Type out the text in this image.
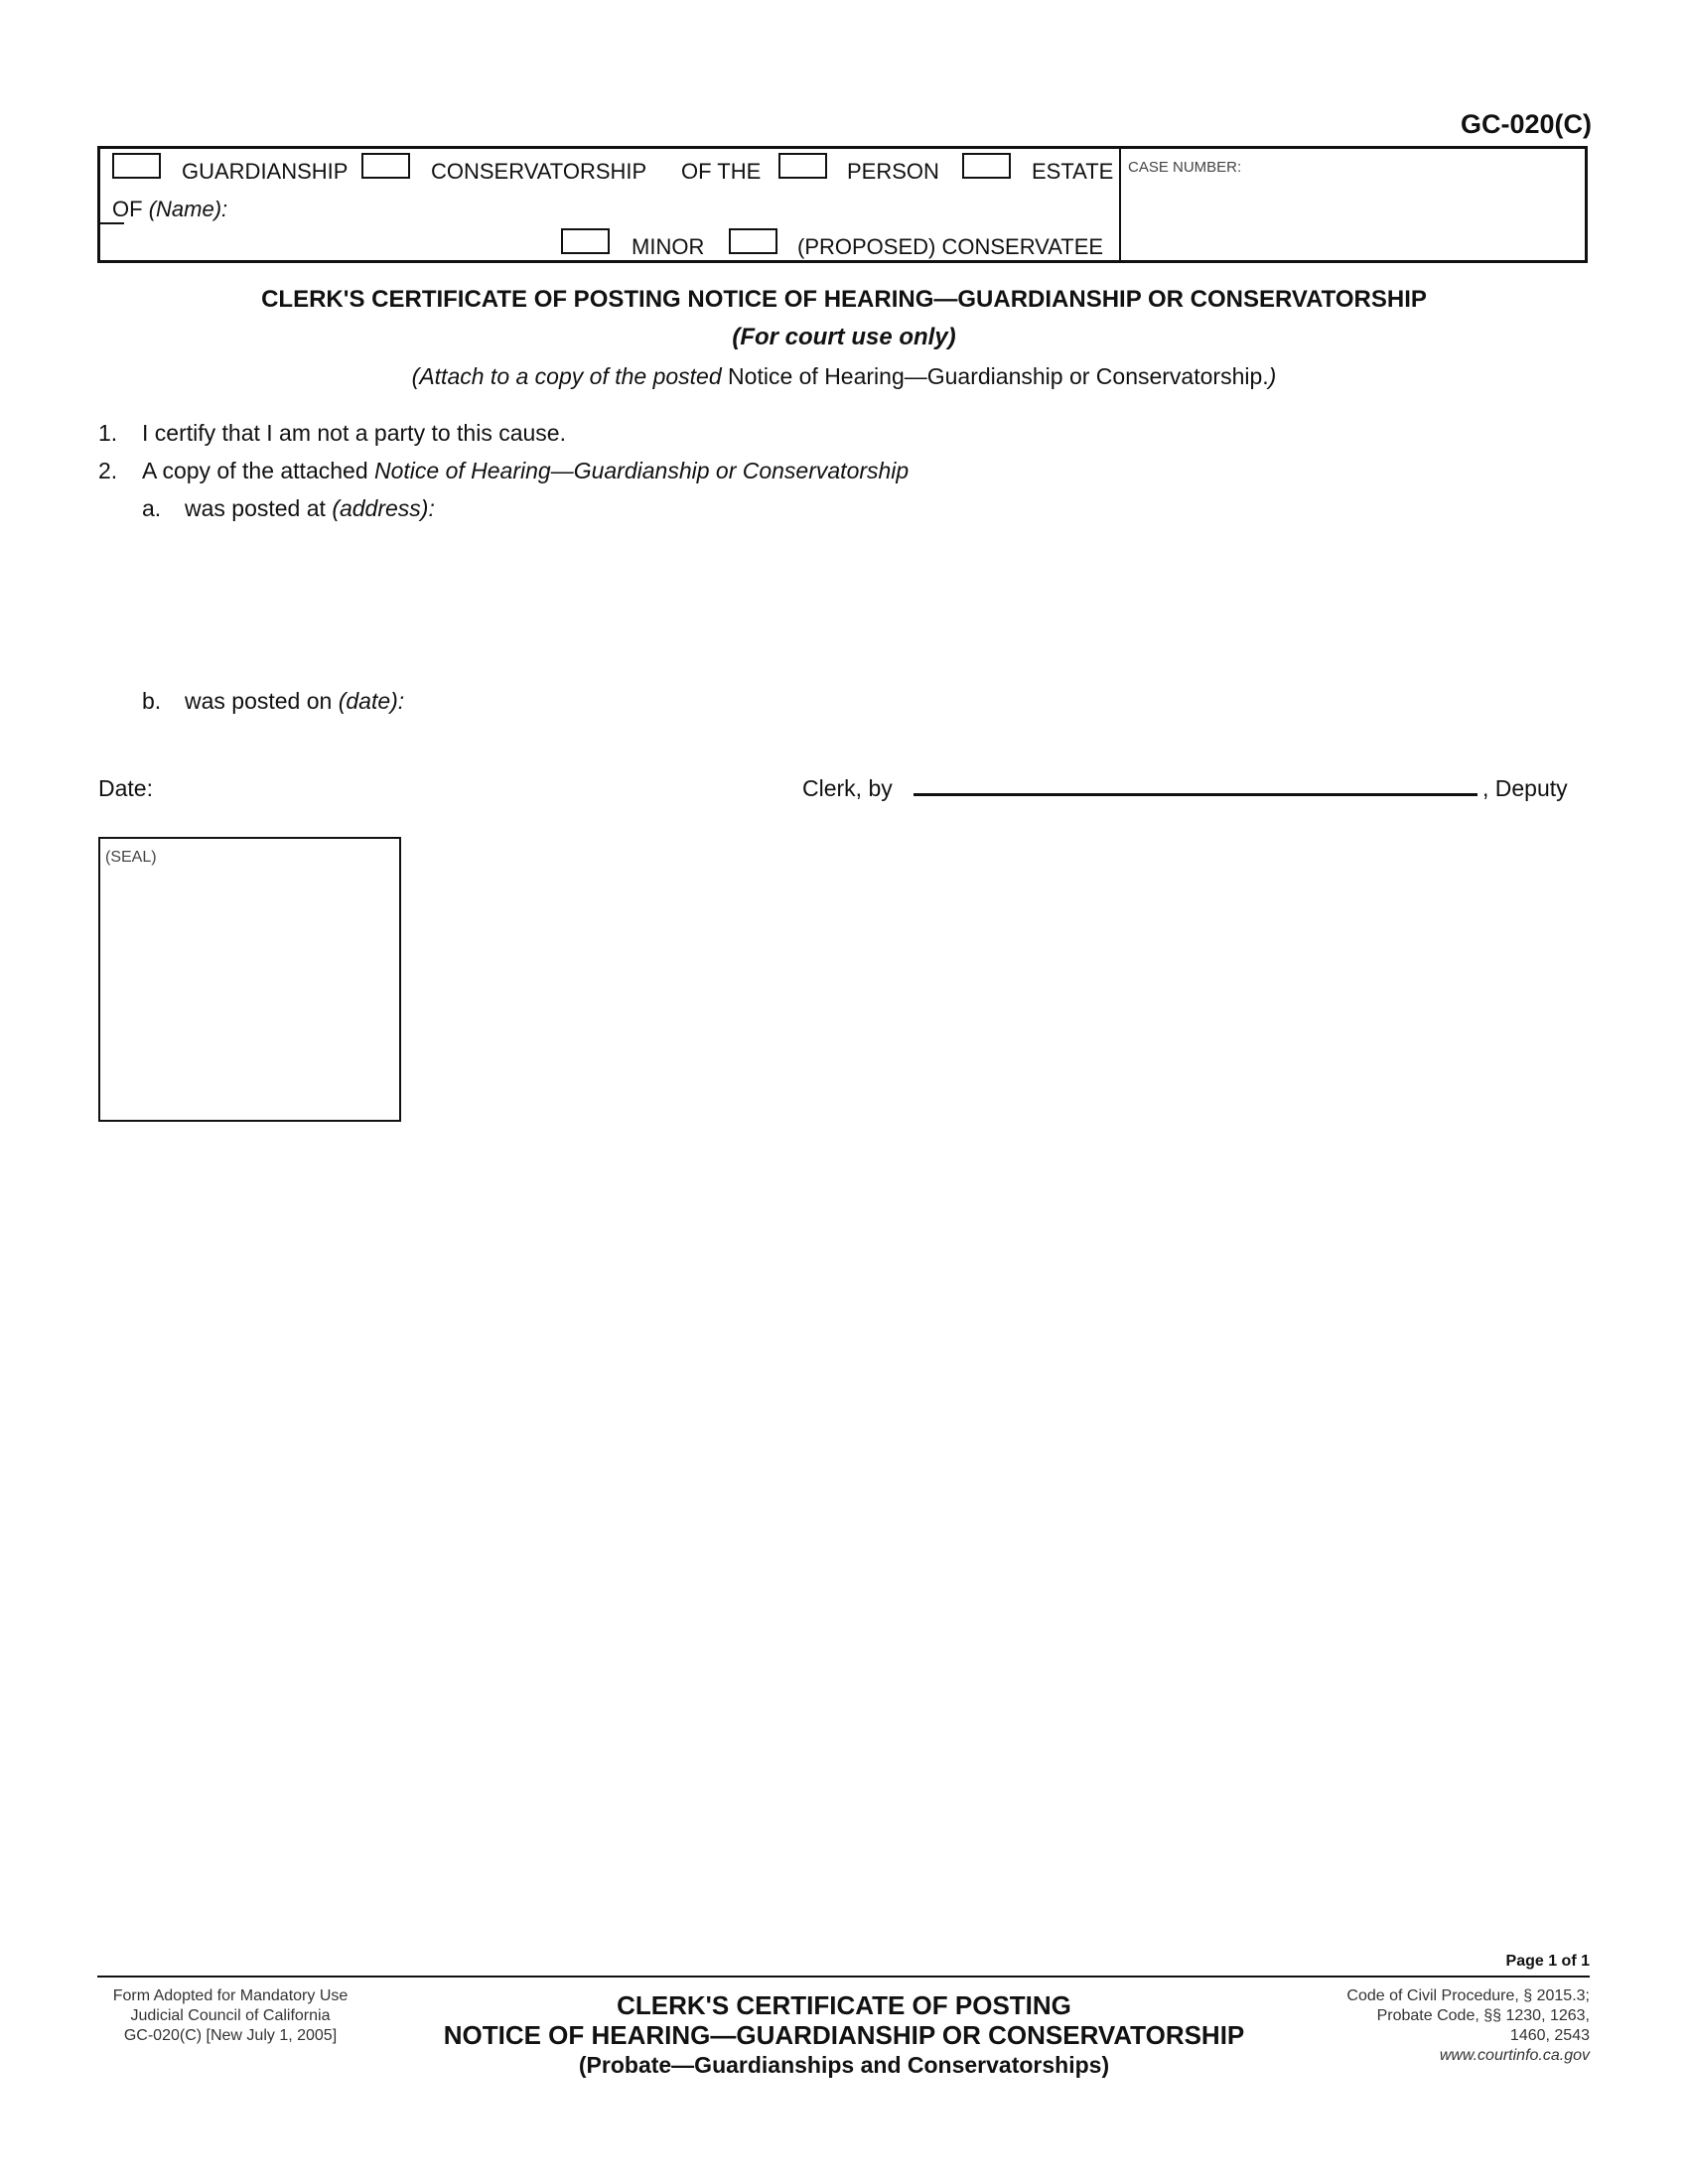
GC-020(C)
GUARDIANSHIP	CONSERVATORSHIP OF THE	PERSON	ESTATE
OF (Name):
MINOR	(PROPOSED) CONSERVATEE
CASE NUMBER:
CLERK'S CERTIFICATE OF POSTING NOTICE OF HEARING—GUARDIANSHIP OR CONSERVATORSHIP
(For court use only)
(Attach to a copy of the posted Notice of Hearing—Guardianship or Conservatorship.)
1. I certify that I am not a party to this cause.
2. A copy of the attached Notice of Hearing—Guardianship or Conservatorship
a. was posted at (address):
b. was posted on (date):
Date:	Clerk, by	, Deputy
(SEAL)
Page 1 of 1
Form Adopted for Mandatory Use
Judicial Council of California
GC-020(C) [New July 1, 2005]
CLERK'S CERTIFICATE OF POSTING
NOTICE OF HEARING—GUARDIANSHIP OR CONSERVATORSHIP
(Probate—Guardianships and Conservatorships)
Code of Civil Procedure, § 2015.3;
Probate Code, §§ 1230, 1263,
1460, 2543
www.courtinfo.ca.gov
